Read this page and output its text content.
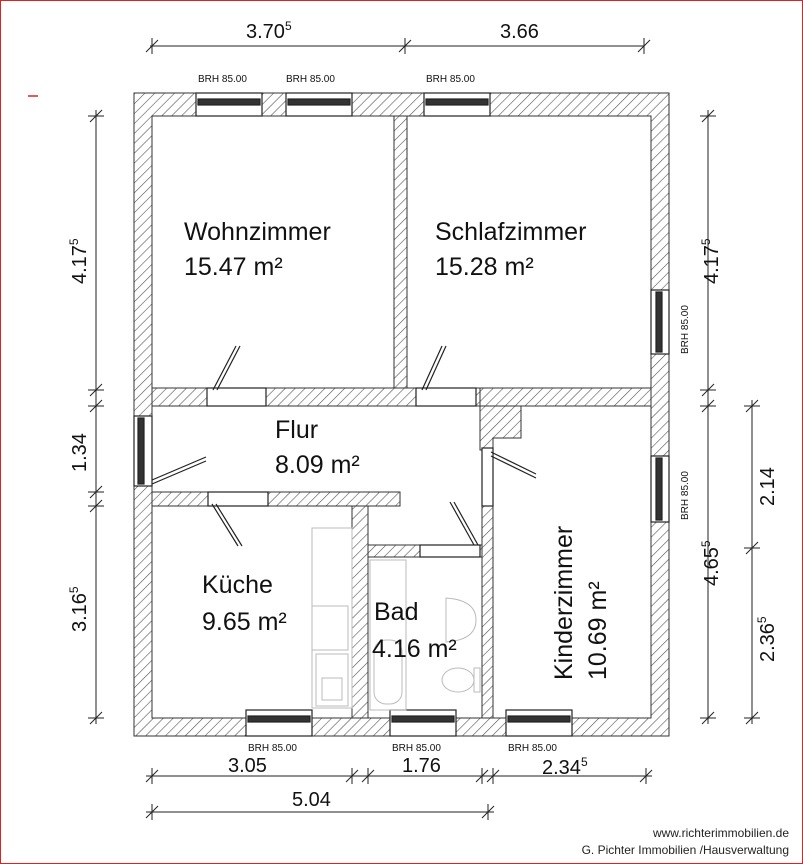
Wohnzimmer
15.47 m²
Schlafzimmer
15.28 m²
Flur
8.09 m²
Küche
9.65 m²	Bad
4.16 m²	Kinderzimmer 10.69 m²
BRH 85.00	BRH 85.00	BRH 85.00
BRH 85.00	BRH 85.00	BRH 85.00
BRH 85.00
BRH 85.00
3.70$^5$	3.66
4.17$^5$
1.34
3.16$^5$
4.17$^5$
4.65$^5$
2.14
2.36$^5$
3.05	1.76	2.34$^5$
5.04
www.richterimmobilien.de
G. Pichter Immobilien /Hausverwaltung
